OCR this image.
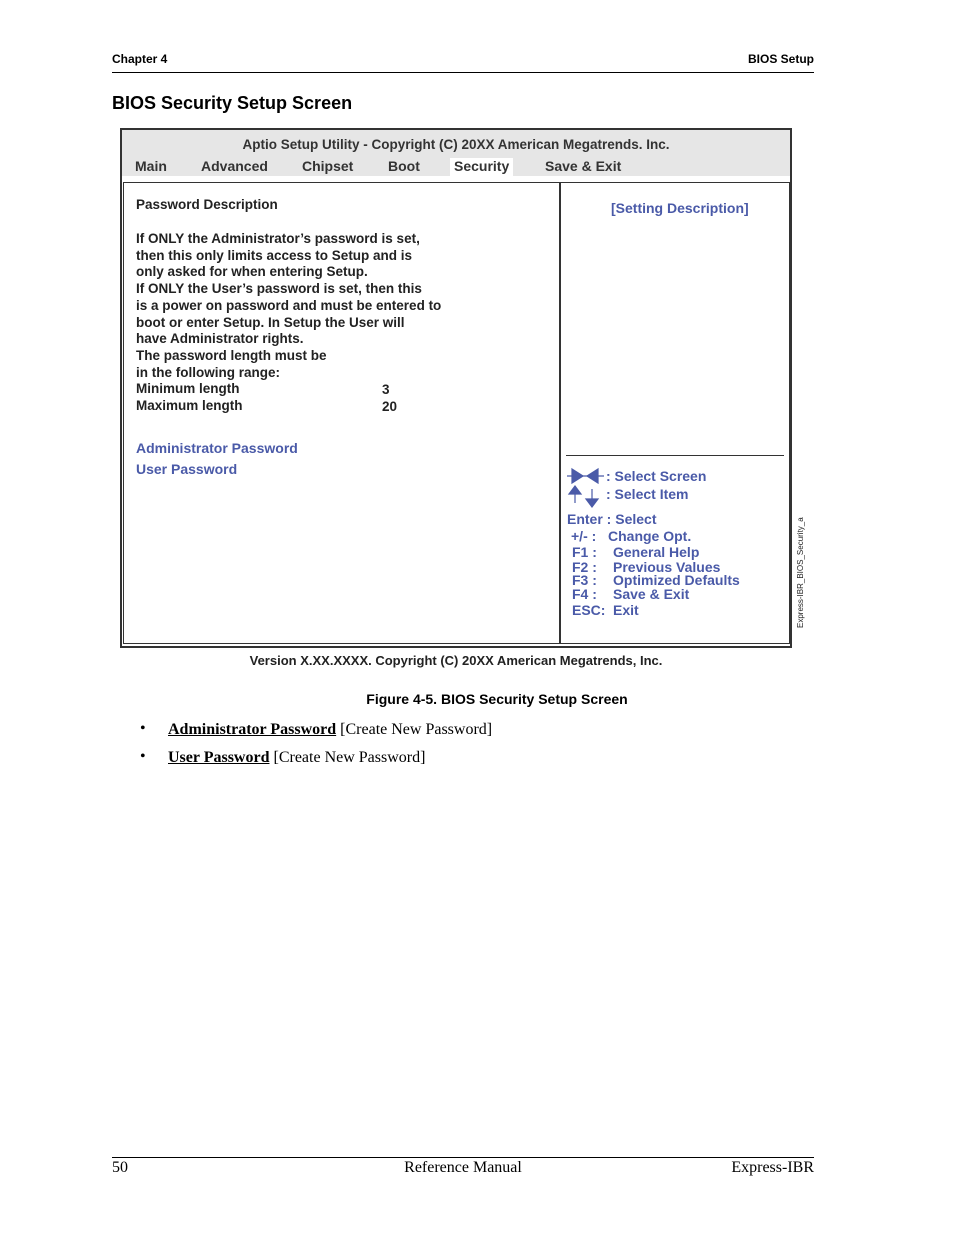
Chapter 4	BIOS Setup
BIOS Security Setup Screen
Aptio Setup Utility - Copyright (C) 20XX American Megatrends. Inc.
Main Advanced Chipset Boot Security	Save & Exit
Password Description
If ONLY the Administrator’s password is set,
then this only limits access to Setup and is
only asked for when entering Setup.
If ONLY the User’s password is set, then this
is a power on password and must be entered to
boot or enter Setup. In Setup the User will
have Administrator rights.
The password length must be
in the following range:
Minimum length	3
Maximum length	20
Administrator Password
User Password
[Setting Description]
: Select Screen
: Select Item
Enter : Select
+/- : Change Opt.
F1 : General Help
F2 : Previous Values
F3 : Optimized Defaults
F4 : Save & Exit
ESC: Exit
Version X.XX.XXXX. Copyright (C) 20XX American Megatrends, Inc.
Express-IBR_BIOS_Security_a
Figure 4-5. BIOS Security Setup Screen
• Administrator Password [Create New Password]
• User Password [Create New Password]
50	Reference Manual	Express-IBR
